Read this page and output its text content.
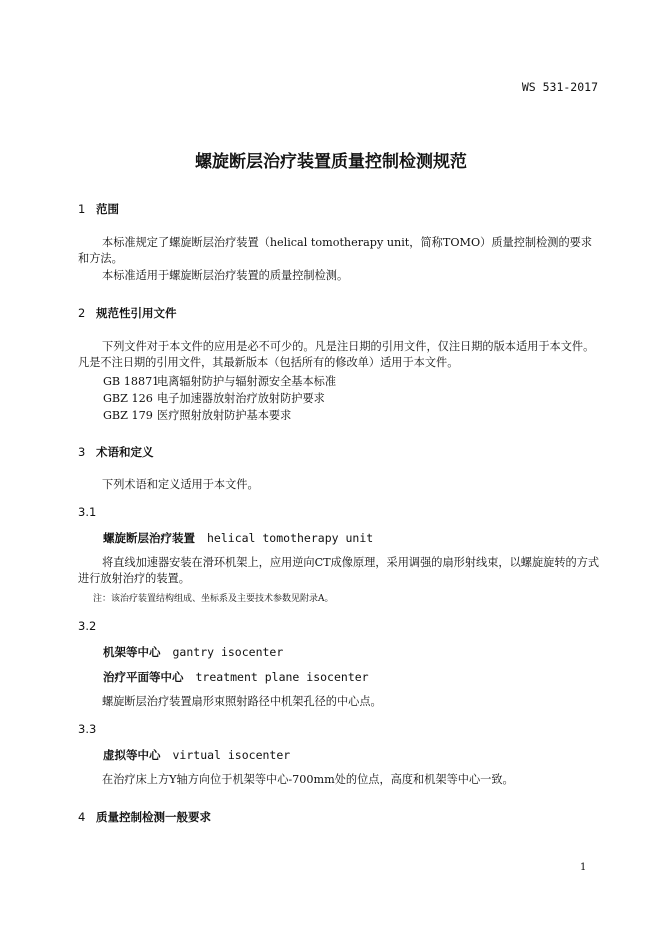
WS 531-2017
螺旋断层治疗装置质量控制检测规范
1 范围
本标准规定了螺旋断层治疗装置（helical tomotherapy unit，简称TOMO）质量控制检测的要求和方法。
本标准适用于螺旋断层治疗装置的质量控制检测。
2 规范性引用文件
下列文件对于本文件的应用是必不可少的。凡是注日期的引用文件，仅注日期的版本适用于本文件。凡是不注日期的引用文件，其最新版本（包括所有的修改单）适用于本文件。
GB 18871电离辐射防护与辐射源安全基本标准
GBZ 126 电子加速器放射治疗放射防护要求
GBZ 179 医疗照射放射防护基本要求
3 术语和定义
下列术语和定义适用于本文件。
3.1
螺旋断层治疗装置 helical tomotherapy unit
将直线加速器安装在滑环机架上，应用逆向CT成像原理，采用调强的扇形射线束，以螺旋旋转的方式进行放射治疗的装置。
注：该治疗装置结构组成、坐标系及主要技术参数见附录A。
3.2
机架等中心 gantry isocenter
治疗平面等中心 treatment plane isocenter
螺旋断层治疗装置扇形束照射路径中机架孔径的中心点。
3.3
虚拟等中心 virtual isocenter
在治疗床上方Y轴方向位于机架等中心-700mm处的位点，高度和机架等中心一致。
4 质量控制检测一般要求
1
